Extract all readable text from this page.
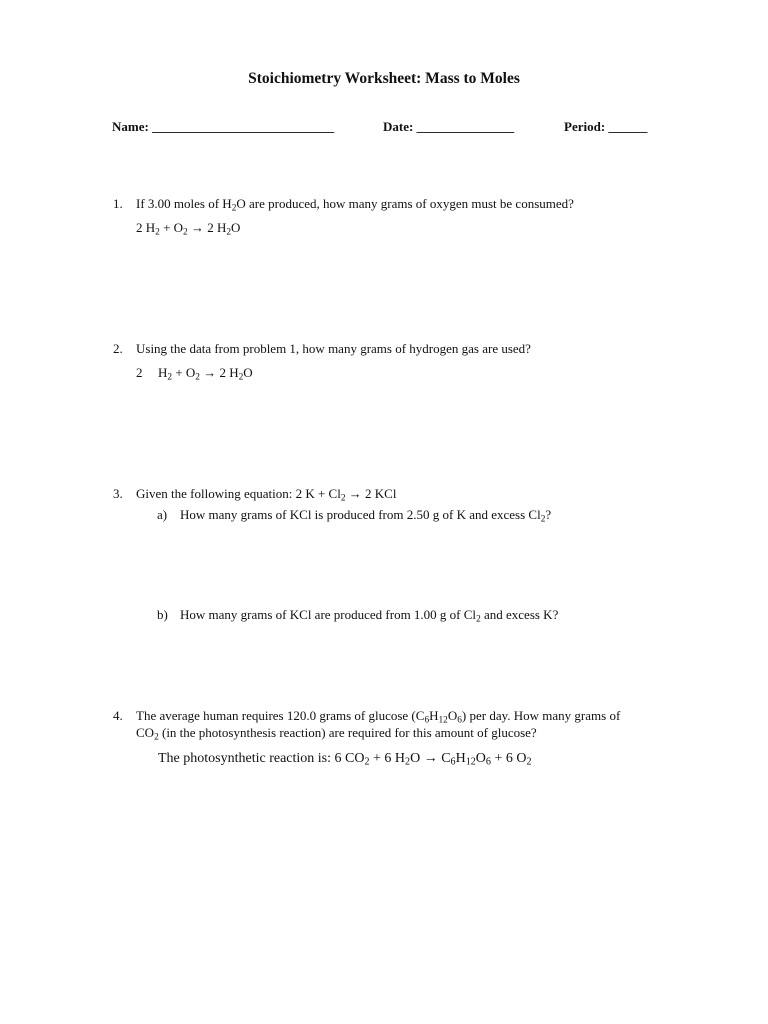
Stoichiometry Worksheet: Mass to Moles
Name: ____________________________	Date: _______________	Period: ______
1. If 3.00 moles of $H_2O$ are produced, how many grams of oxygen must be consumed?
2 $H_2 + O_2 \to 2$ $H_2O$
2. Using the data from problem 1, how many grams of hydrogen gas are used?
2 $H_2 + O_2 \to 2$ $H_2O$
3. Given the following equation: 2 $K + Cl_2 \to 2$ KCl
a) How many grams of KCl is produced from 2.50 g of K and excess $Cl_2$?
b) How many grams of KCl are produced from 1.00 g of $Cl_2$ and excess K?
4. The average human requires 120.0 grams of glucose $(C_6H_{12}O_6)$ per day. How many grams of
$CO_2$ (in the photosynthesis reaction) are required for this amount of glucose?
The photosynthetic reaction is: 6 $CO_2 + 6$ $H_2O \to C_6H_{12}O_6 + 6$ $O_2$
